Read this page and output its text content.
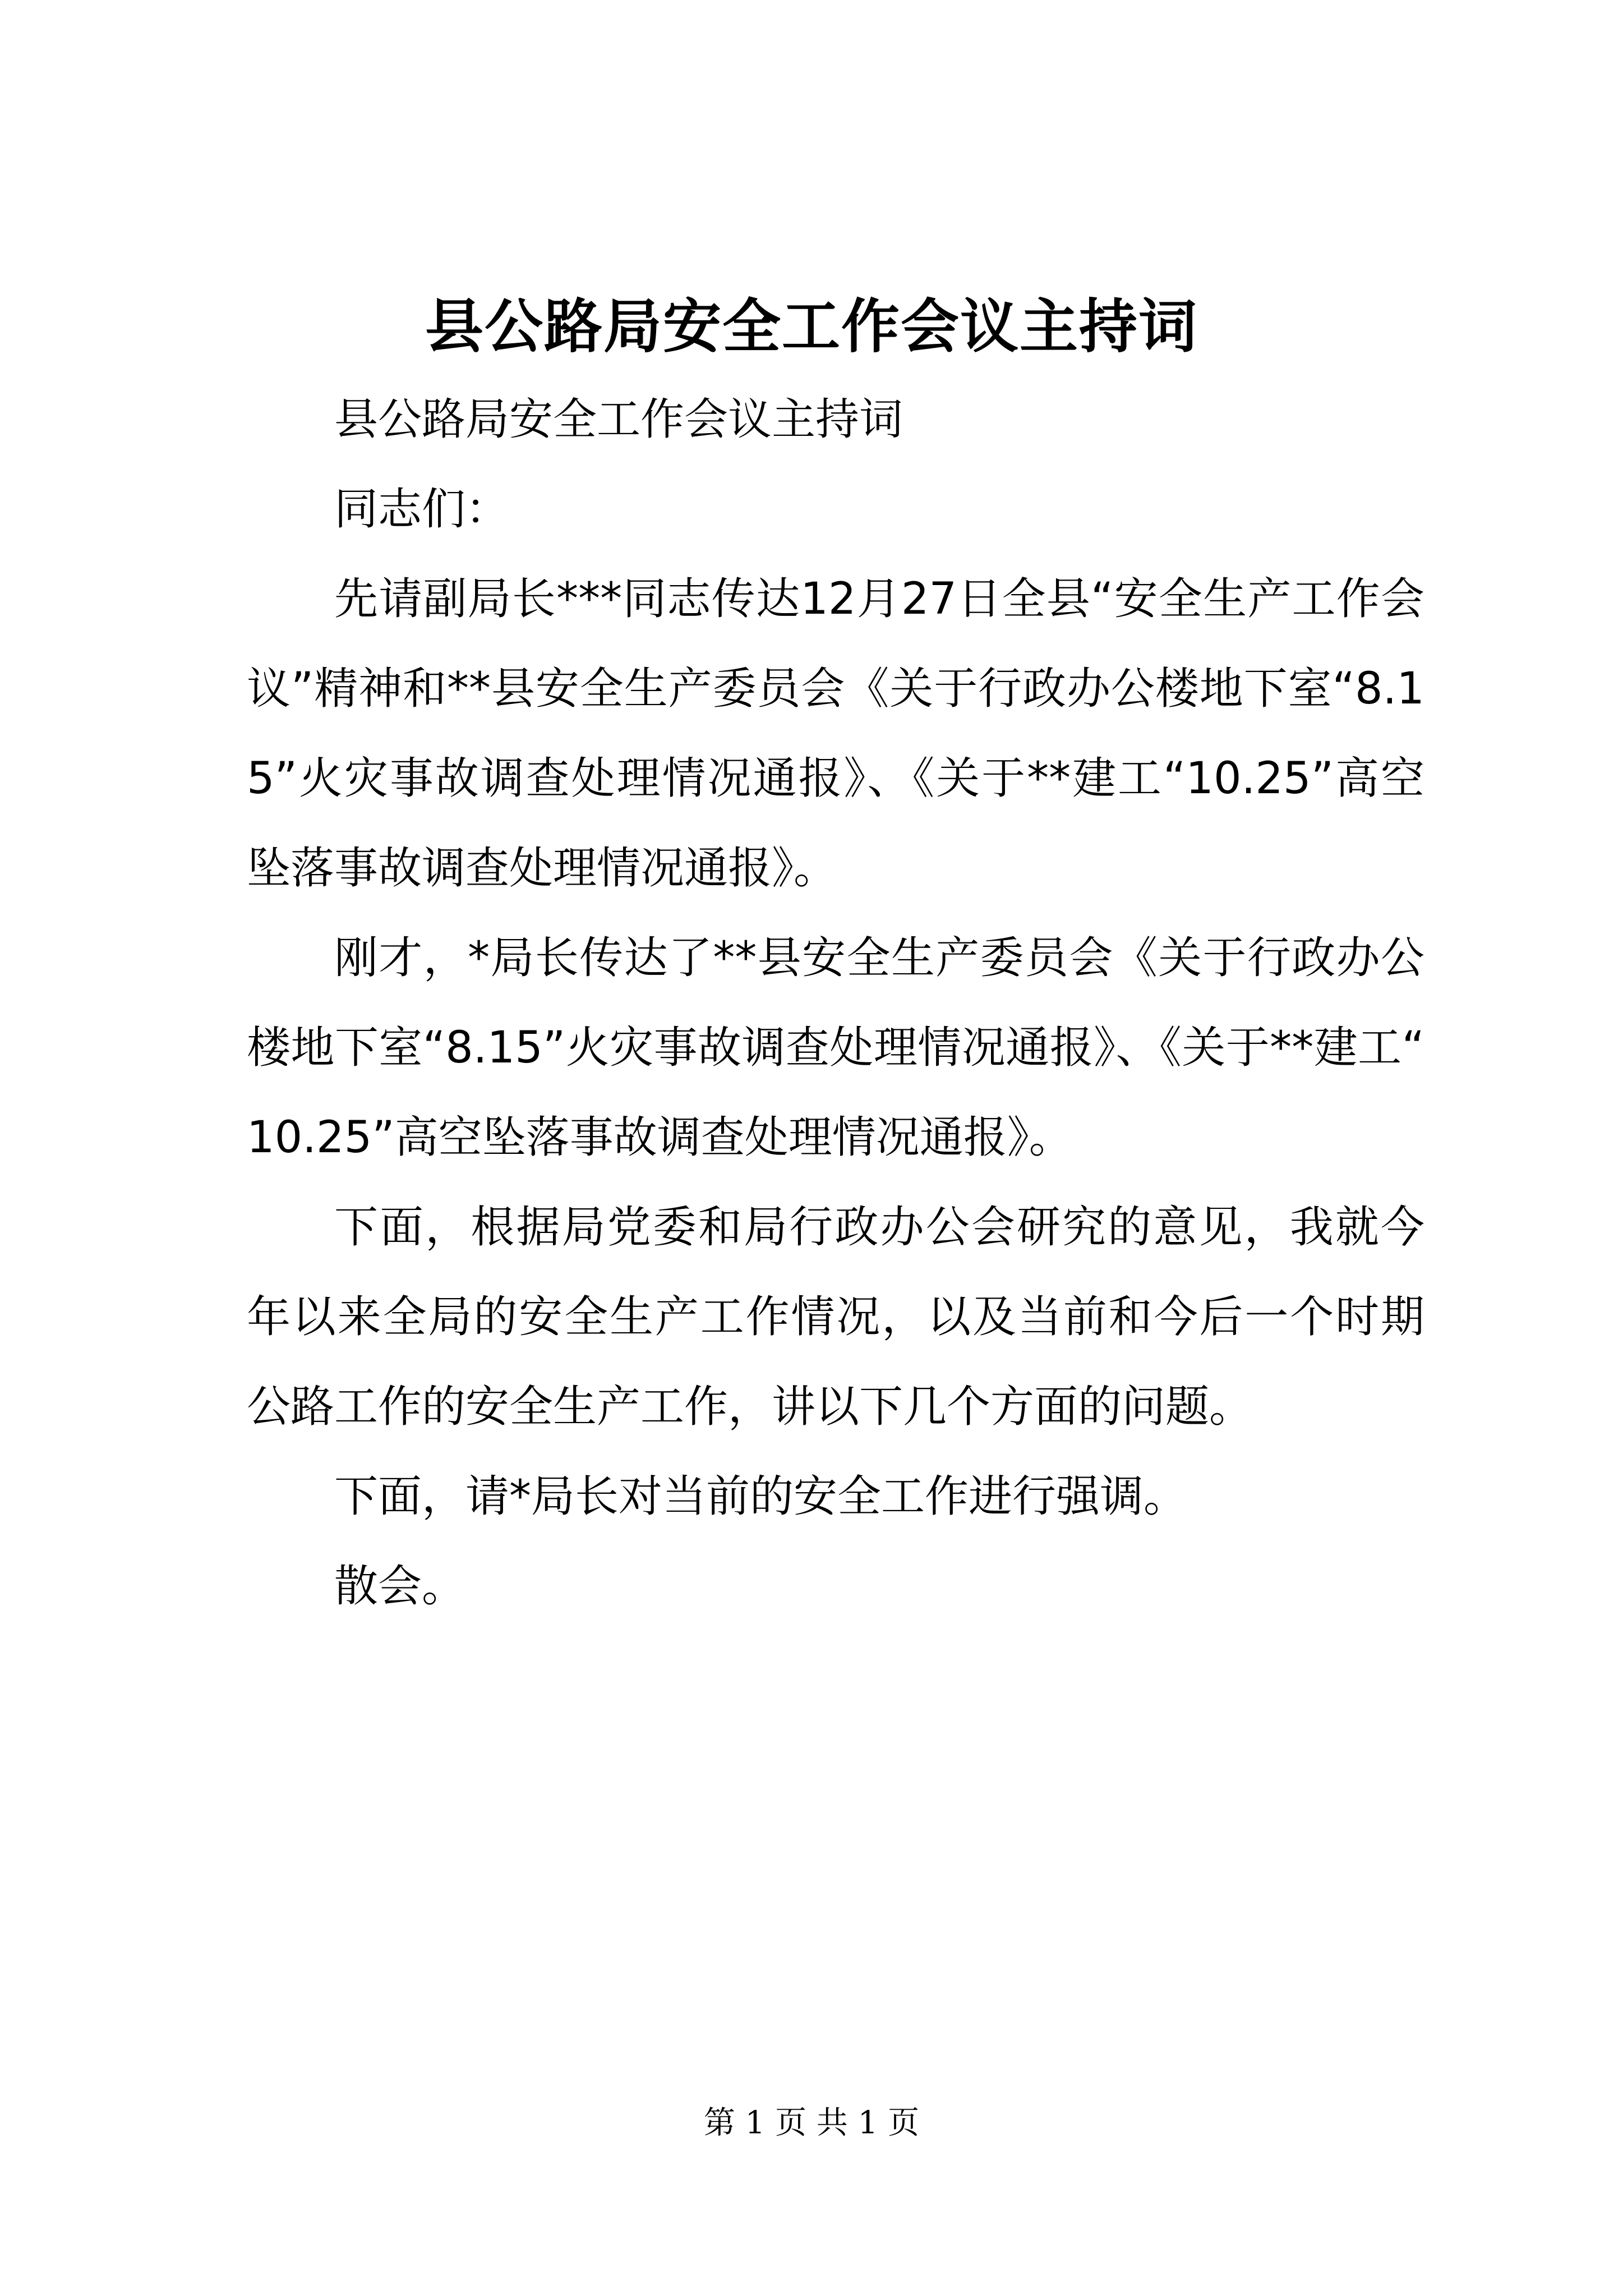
县公路局安全工作会议主持词

县公路局安全工作会议主持词

同志们：

先请副局长***同志传达12月27日全县“安全生产工作会议”精神和**县安全生产委员会《关于行政办公楼地下室“8.15”火灾事故调查处理情况通报》、《关于**建工“10.25”高空坠落事故调查处理情况通报》。

刚才，*局长传达了**县安全生产委员会《关于行政办公楼地下室“8.15”火灾事故调查处理情况通报》、《关于**建工“10.25”高空坠落事故调查处理情况通报》。

下面，根据局党委和局行政办公会研究的意见，我就今年以来全局的安全生产工作情况，以及当前和今后一个时期公路工作的安全生产工作，讲以下几个方面的问题。

下面，请*局长对当前的安全工作进行强调。

散会。

第 1 页 共 1 页
